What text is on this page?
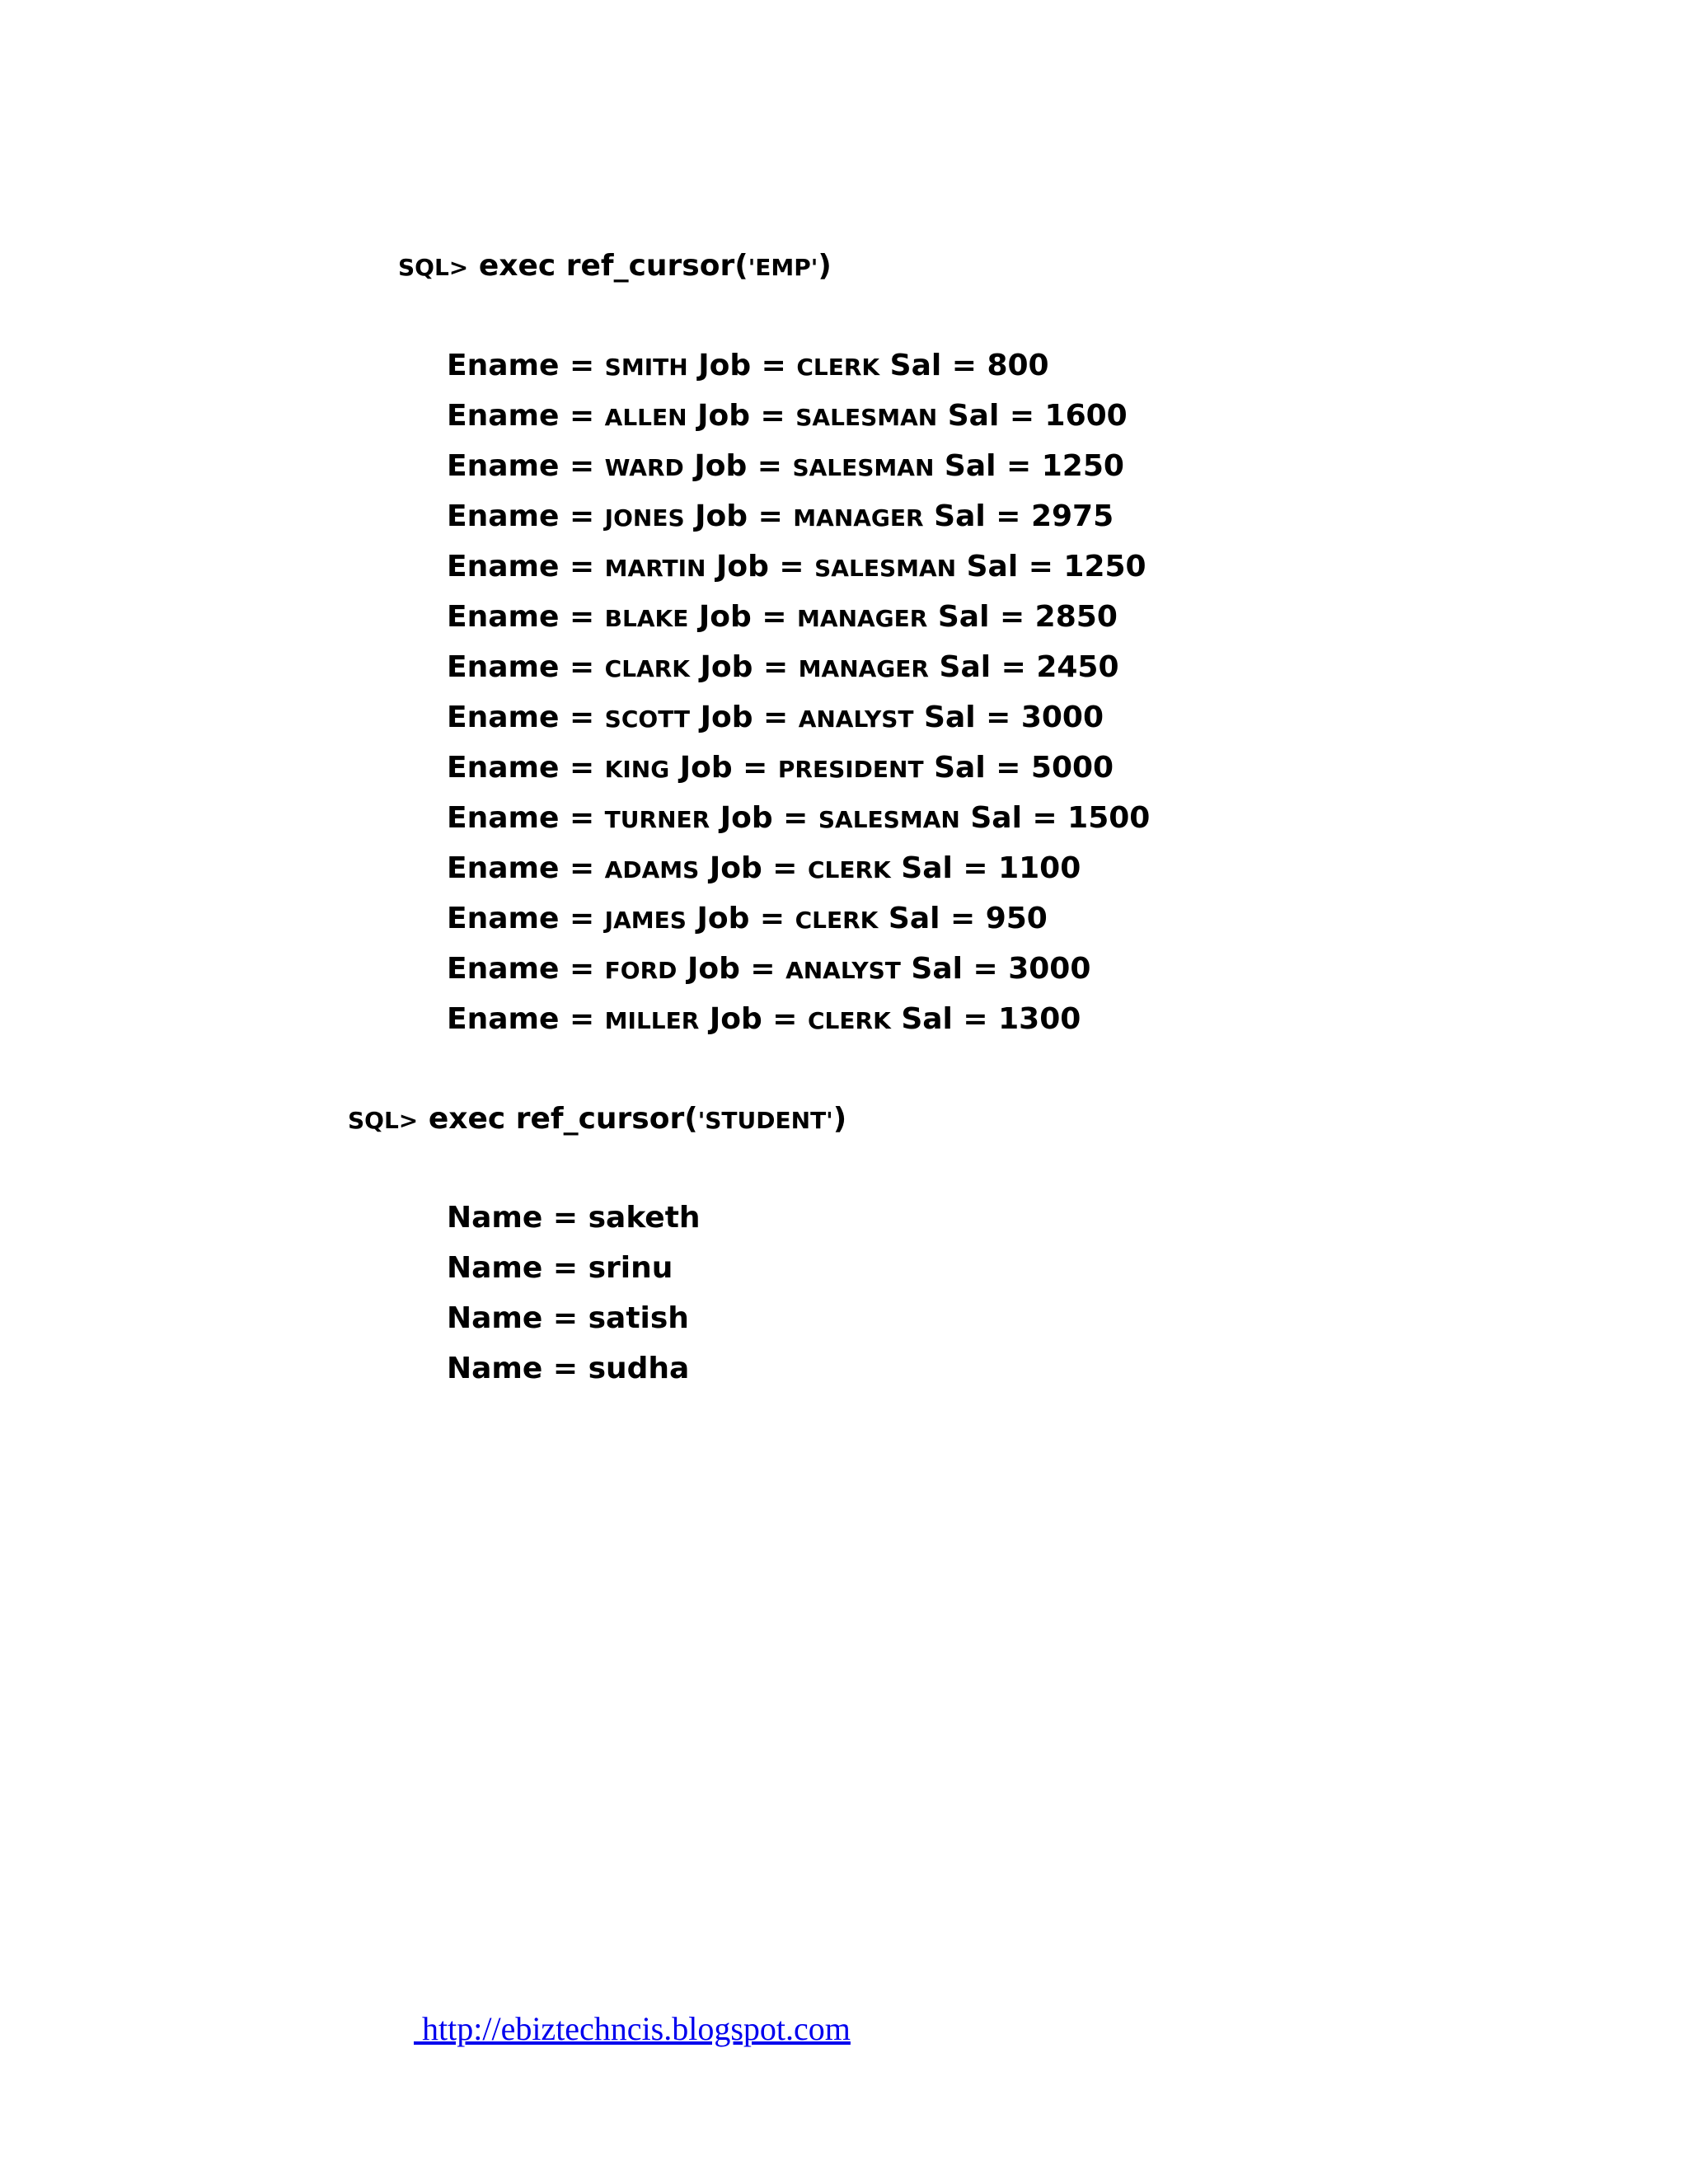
SQL> exec ref_cursor('EMP')
Ename = SMITH Job = CLERK Sal = 800
Ename = ALLEN Job = SALESMAN Sal = 1600
Ename = WARD Job = SALESMAN Sal = 1250
Ename = JONES Job = MANAGER Sal = 2975
Ename = MARTIN Job = SALESMAN Sal = 1250
Ename = BLAKE Job = MANAGER Sal = 2850
Ename = CLARK Job = MANAGER Sal = 2450
Ename = SCOTT Job = ANALYST Sal = 3000
Ename = KING Job = PRESIDENT Sal = 5000
Ename = TURNER Job = SALESMAN Sal = 1500
Ename = ADAMS Job = CLERK Sal = 1100
Ename = JAMES Job = CLERK Sal = 950
Ename = FORD Job = ANALYST Sal = 3000
Ename = MILLER Job = CLERK Sal = 1300
SQL> exec ref_cursor('STUDENT')
Name = saketh
Name = srinu
Name = satish
Name = sudha
http://ebiztechncis.blogspot.com
